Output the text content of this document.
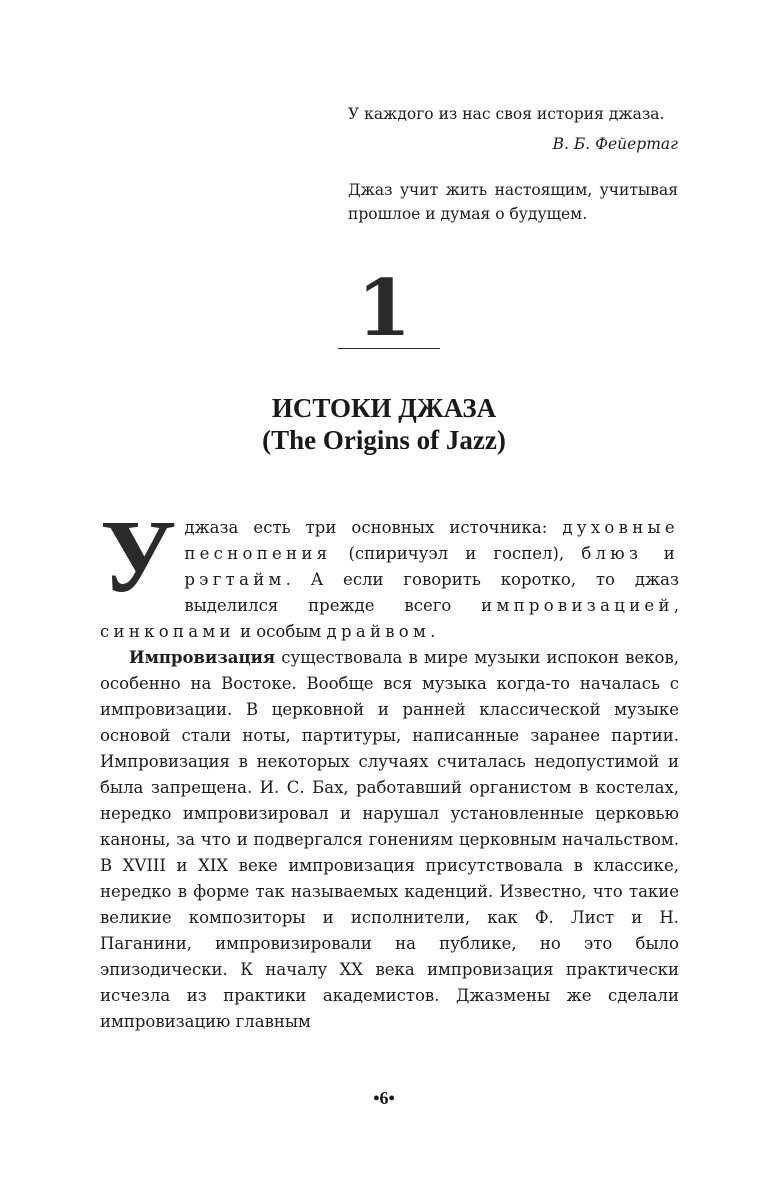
У каждого из нас своя история джаза.

В. Б. Фейертаг

Джаз учит жить настоящим, учитывая прошлое и думая о будущем.

1
ИСТОКИ ДЖАЗА
(The Origins of Jazz)

У джаза есть три основных источника: духовные песнопения (спиричуэл и госпел), блюз и рэгтайм. А если говорить коротко, то джаз выделился прежде всего импровизацией, синкопами и особым драйвом.

Импровизация существовала в мире музыки испокон веков, особенно на Востоке. Вообще вся музыка когда-то началась с импровизации. В церковной и ранней классической музыке основой стали ноты, партитуры, написанные заранее партии. Импровизация в некоторых случаях считалась недопустимой и была запрещена. И. С. Бах, работавший органистом в костелах, нередко импровизировал и нарушал установленные церковью каноны, за что и подвергался гонениям церковным начальством. В XVIII и XIX веке импровизация присутствовала в классике, нередко в форме так называемых каденций. Известно, что такие великие композиторы и исполнители, как Ф. Лист и Н. Паганини, импровизировали на публике, но это было эпизодически. К началу XX века импровизация практически исчезла из практики академистов. Джазмены же сделали импровизацию главным

•6•
